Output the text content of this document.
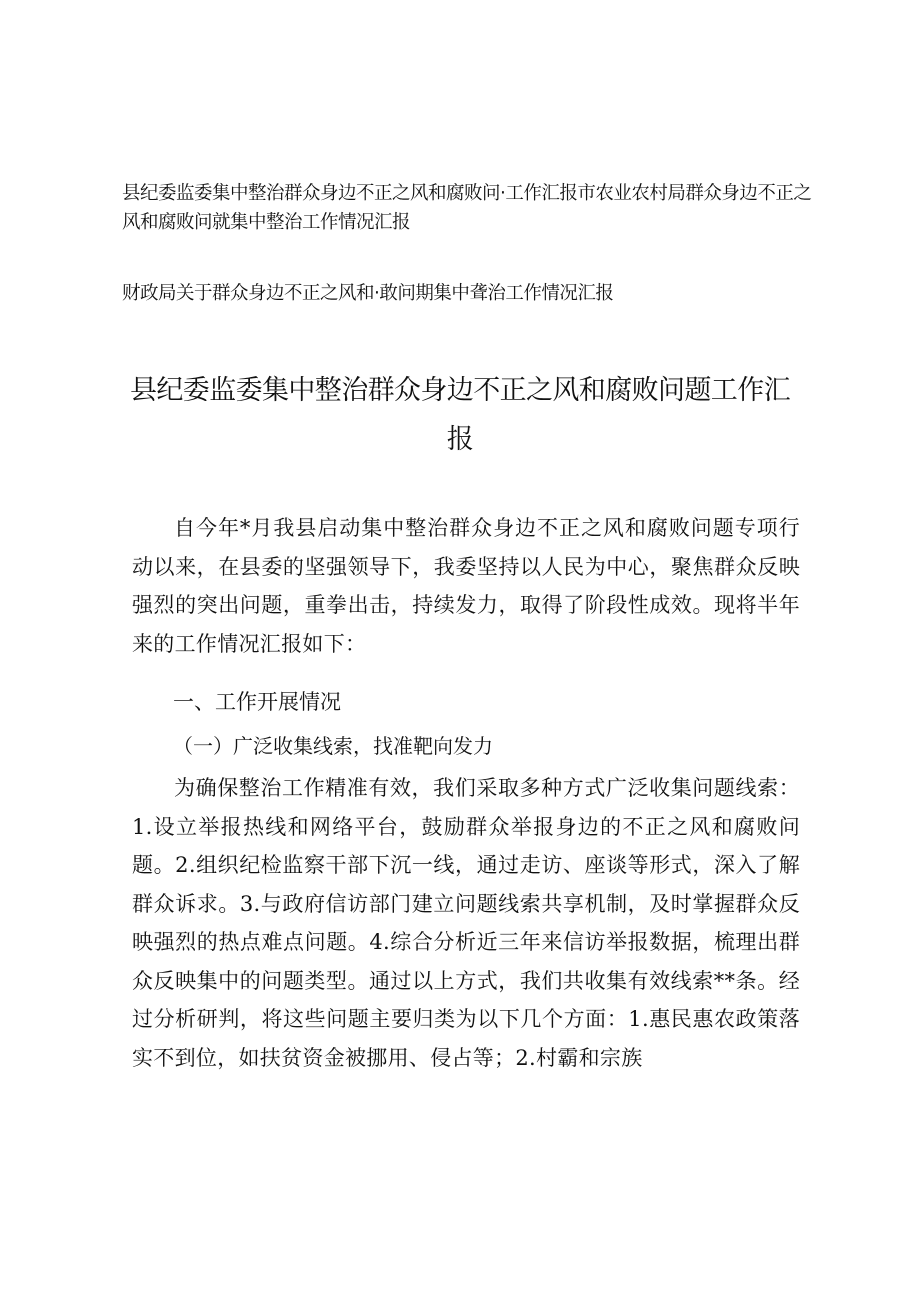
县纪委监委集中整治群众身边不正之风和腐败问·工作汇报市农业农村局群众身边不正之风和腐败问就集中整治工作情况汇报
财政局关于群众身边不正之风和·敢问期集中聋治工作情况汇报
县纪委监委集中整治群众身边不正之风和腐败问题工作汇报

自今年*月我县启动集中整治群众身边不正之风和腐败问题专项行动以来，在县委的坚强领导下，我委坚持以人民为中心，聚焦群众反映强烈的突出问题，重拳出击，持续发力，取得了阶段性成效。现将半年来的工作情况汇报如下：

一、工作开展情况
（一）广泛收集线索，找准靶向发力

为确保整治工作精准有效，我们采取多种方式广泛收集问题线索：1.设立举报热线和网络平台，鼓励群众举报身边的不正之风和腐败问题。2.组织纪检监察干部下沉一线，通过走访、座谈等形式，深入了解群众诉求。3.与政府信访部门建立问题线索共享机制，及时掌握群众反映强烈的热点难点问题。4.综合分析近三年来信访举报数据，梳理出群众反映集中的问题类型。通过以上方式，我们共收集有效线索**条。经过分析研判，将这些问题主要归类为以下几个方面：1.惠民惠农政策落实不到位，如扶贫资金被挪用、侵占等；2.村霸和宗族
